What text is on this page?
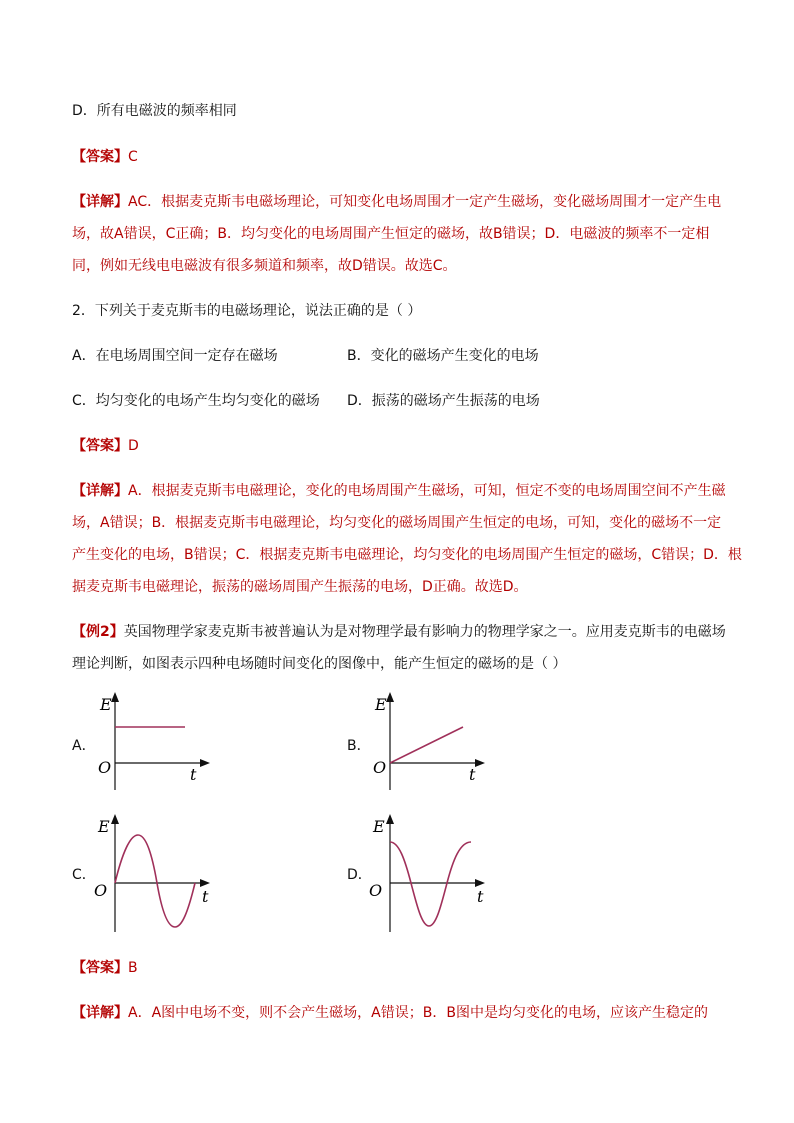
D．所有电磁波的频率相同
【答案】C
【详解】AC．根据麦克斯韦电磁场理论，可知变化电场周围才一定产生磁场，变化磁场周围才一定产生电
场，故A错误，C正确；B．均匀变化的电场周围产生恒定的磁场，故B错误；D．电磁波的频率不一定相
同，例如无线电电磁波有很多频道和频率，故D错误。故选C。
2．下列关于麦克斯韦的电磁场理论，说法正确的是（ ）
A．在电场周围空间一定存在磁场	B．变化的磁场产生变化的电场
C．均匀变化的电场产生均匀变化的磁场 D．振荡的磁场产生振荡的电场
【答案】D
【详解】A．根据麦克斯韦电磁理论，变化的电场周围产生磁场，可知，恒定不变的电场周围空间不产生磁
场，A错误；B．根据麦克斯韦电磁理论，均匀变化的磁场周围产生恒定的电场，可知，变化的磁场不一定
产生变化的电场，B错误；C．根据麦克斯韦电磁理论，均匀变化的电场周围产生恒定的磁场，C错误；D．根
据麦克斯韦电磁理论，振荡的磁场周围产生振荡的电场，D正确。故选D。
【例2】英国物理学家麦克斯韦被普遍认为是对物理学最有影响力的物理学家之一。应用麦克斯韦的电磁场
理论判断，如图表示四种电场随时间变化的图像中，能产生恒定的磁场的是（ ）
A．
E
O	t
B．
E
O	t
C．
E
O	t
D．
E
O	t
【答案】B
【详解】A．A图中电场不变，则不会产生磁场，A错误；B．B图中是均匀变化的电场，应该产生稳定的
